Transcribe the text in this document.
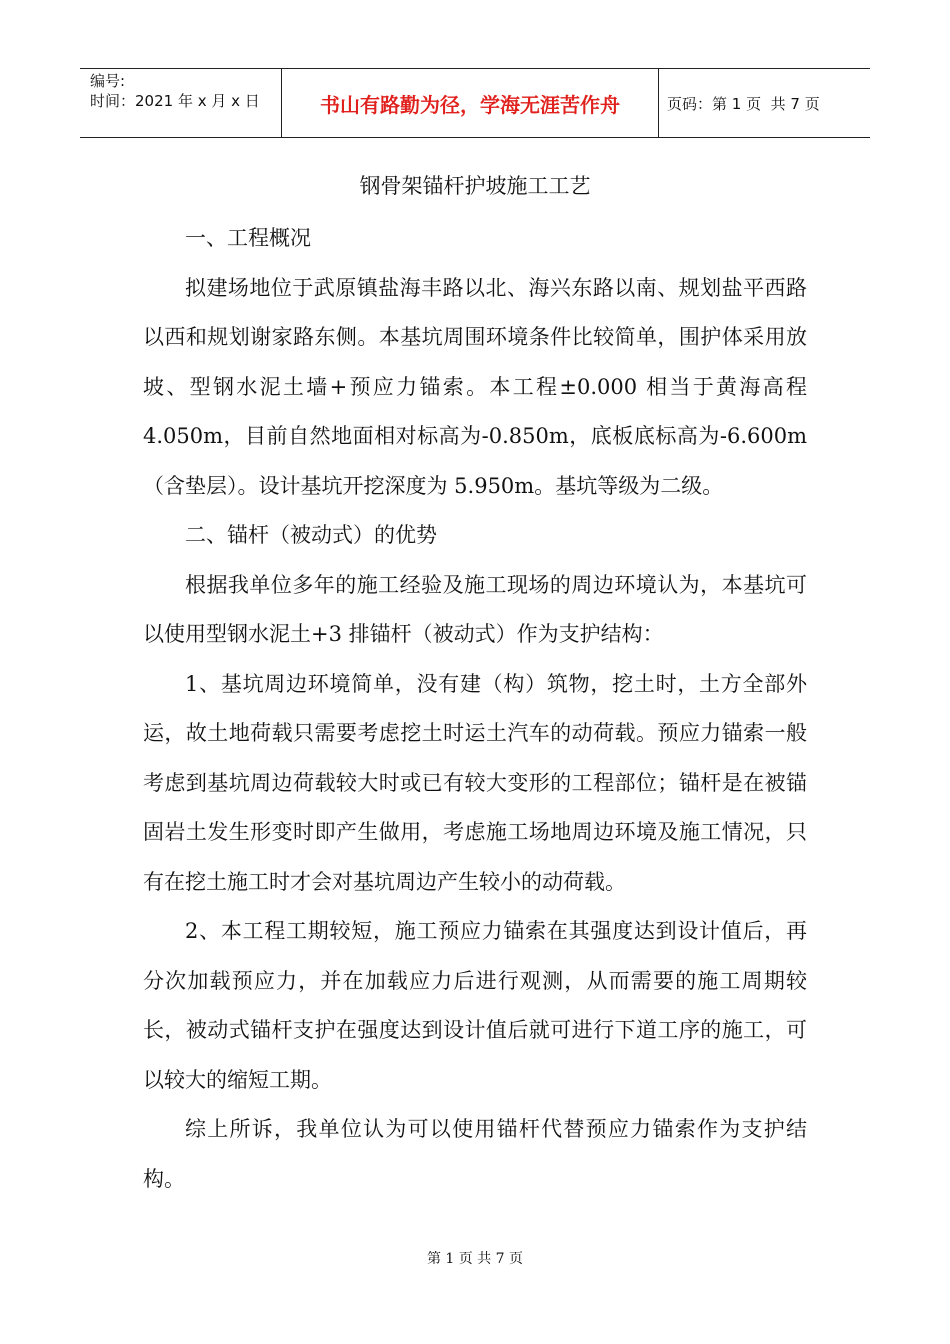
编号:
时间：2021 年 x 月 x 日	书山有路勤为径，学海无涯苦作舟	页码：第 1 页  共 7 页
钢骨架锚杆护坡施工工艺

一、工程概况

拟建场地位于武原镇盐海丰路以北、海兴东路以南、规划盐平西路以西和规划谢家路东侧。本基坑周围环境条件比较简单，围护体采用放坡、型钢水泥土墙+预应力锚索。本工程±0.000 相当于黄海高程 4.050m，目前自然地面相对标高为-0.850m，底板底标高为-6.600m（含垫层）。设计基坑开挖深度为 5.950m。基坑等级为二级。

二、锚杆（被动式）的优势

根据我单位多年的施工经验及施工现场的周边环境认为，本基坑可以使用型钢水泥土+3 排锚杆（被动式）作为支护结构：

1、基坑周边环境简单，没有建（构）筑物，挖土时，土方全部外运，故土地荷载只需要考虑挖土时运土汽车的动荷载。预应力锚索一般考虑到基坑周边荷载较大时或已有较大变形的工程部位；锚杆是在被锚固岩土发生形变时即产生做用，考虑施工场地周边环境及施工情况，只有在挖土施工时才会对基坑周边产生较小的动荷载。

2、本工程工期较短，施工预应力锚索在其强度达到设计值后，再分次加载预应力，并在加载应力后进行观测，从而需要的施工周期较长，被动式锚杆支护在强度达到设计值后就可进行下道工序的施工，可以较大的缩短工期。

综上所诉，我单位认为可以使用锚杆代替预应力锚索作为支护结构。

第 1 页 共 7 页
